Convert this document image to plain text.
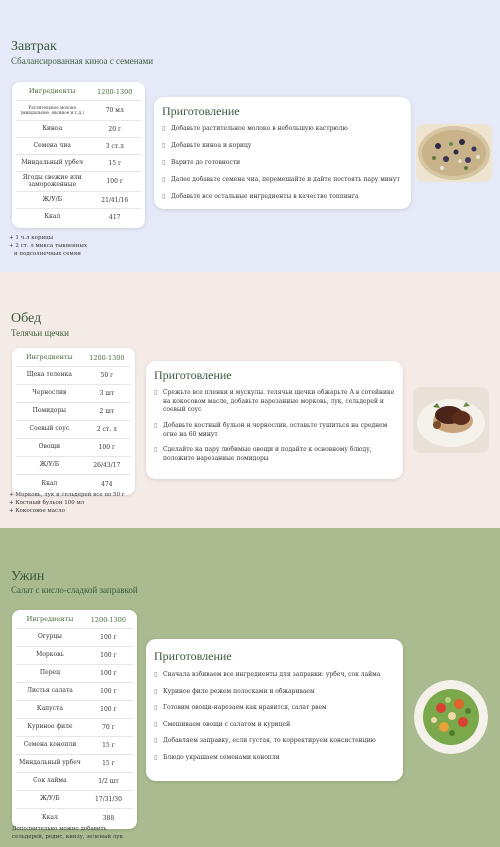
Завтрак
Сбалансированная киноа с семенами
Ингредиенты	1200-1300
Растительное молоко (миндальное, овсяное и т.д.)	70 мл
Киноа	20 г
Семена чиа	3 ст.л
Миндальный урбеч	15 г
Ягоды свежие или замороженные	100 г
Ж/У/Б	21/41/16
Ккал	417
+ 1 ч.л корицы
+ 2 ст. л микса тыквенных
и подсолнечных семян
Приготовление
▯ Добавьте растительное молоко в небольшую кастрюлю
▯ Добавьте киноа и корицу
▯ Варите до готовности
▯ Далее добавьте семена чиа, перемешайте и дайте постоять пару минут
▯ Добавьте все остальные ингредиенты в качестве топпинга
Обед
Телячьи щечки
Ингредиенты	1200-1300
Щека теленка	50 г
Чернослив	3 шт
Помидоры	2 шт
Соевый соус	2 ст. л
Овощи	100 г
Ж/У/Б	26/43/17
Ккал	474
+ Морковь, лук и сельдерей все по 50 г
+ Костный бульон 100 мл
+ Кокосовое масло
Приготовление
▯ Срежьте все пленки и мускулы. телячьи щечки обжарьте А в сотейнике на кокосовом масле, добавьте нарезанные морковь, лук, сельдерей и соевый соус
▯ Добавьте костный бульон и чернослив. оставьте тушиться на среднем огне на 60 минут
▯ Сделайте на пару любимые овощи и подайте к основному блюду, положите нарезанные помидоры
Ужин
Салат с кисло-сладкой заправкой
Ингредиенты	1200-1300
Огурцы	100 г
Морковь	100 г
Перец	100 г
Листья салата	100 г
Капуста	100 г
Куриное филе	70 г
Семена конопли	15 г
Миндальный урбеч	15 г
Сок лайма	1/2 шт
Ж/У/Б	17/31/30
Ккал	388
Дополнительно можно добавить
сельдерей, редис, кинзу, зеленый лук
Приготовление
▯ Сначала взбиваем все ингредиенты для заправки: урбеч, сок лайма
▯ Куриное филе режем полосками и обжариваем
▯ Готовим овощи-нарезаем как нравится, салат рвем
▯ Смешиваем овощи с салатом и курицей
▯ Добавляем заправку, если густая, то корректируем консистенцию
▯ Блюдо украшаем семенами конопли
